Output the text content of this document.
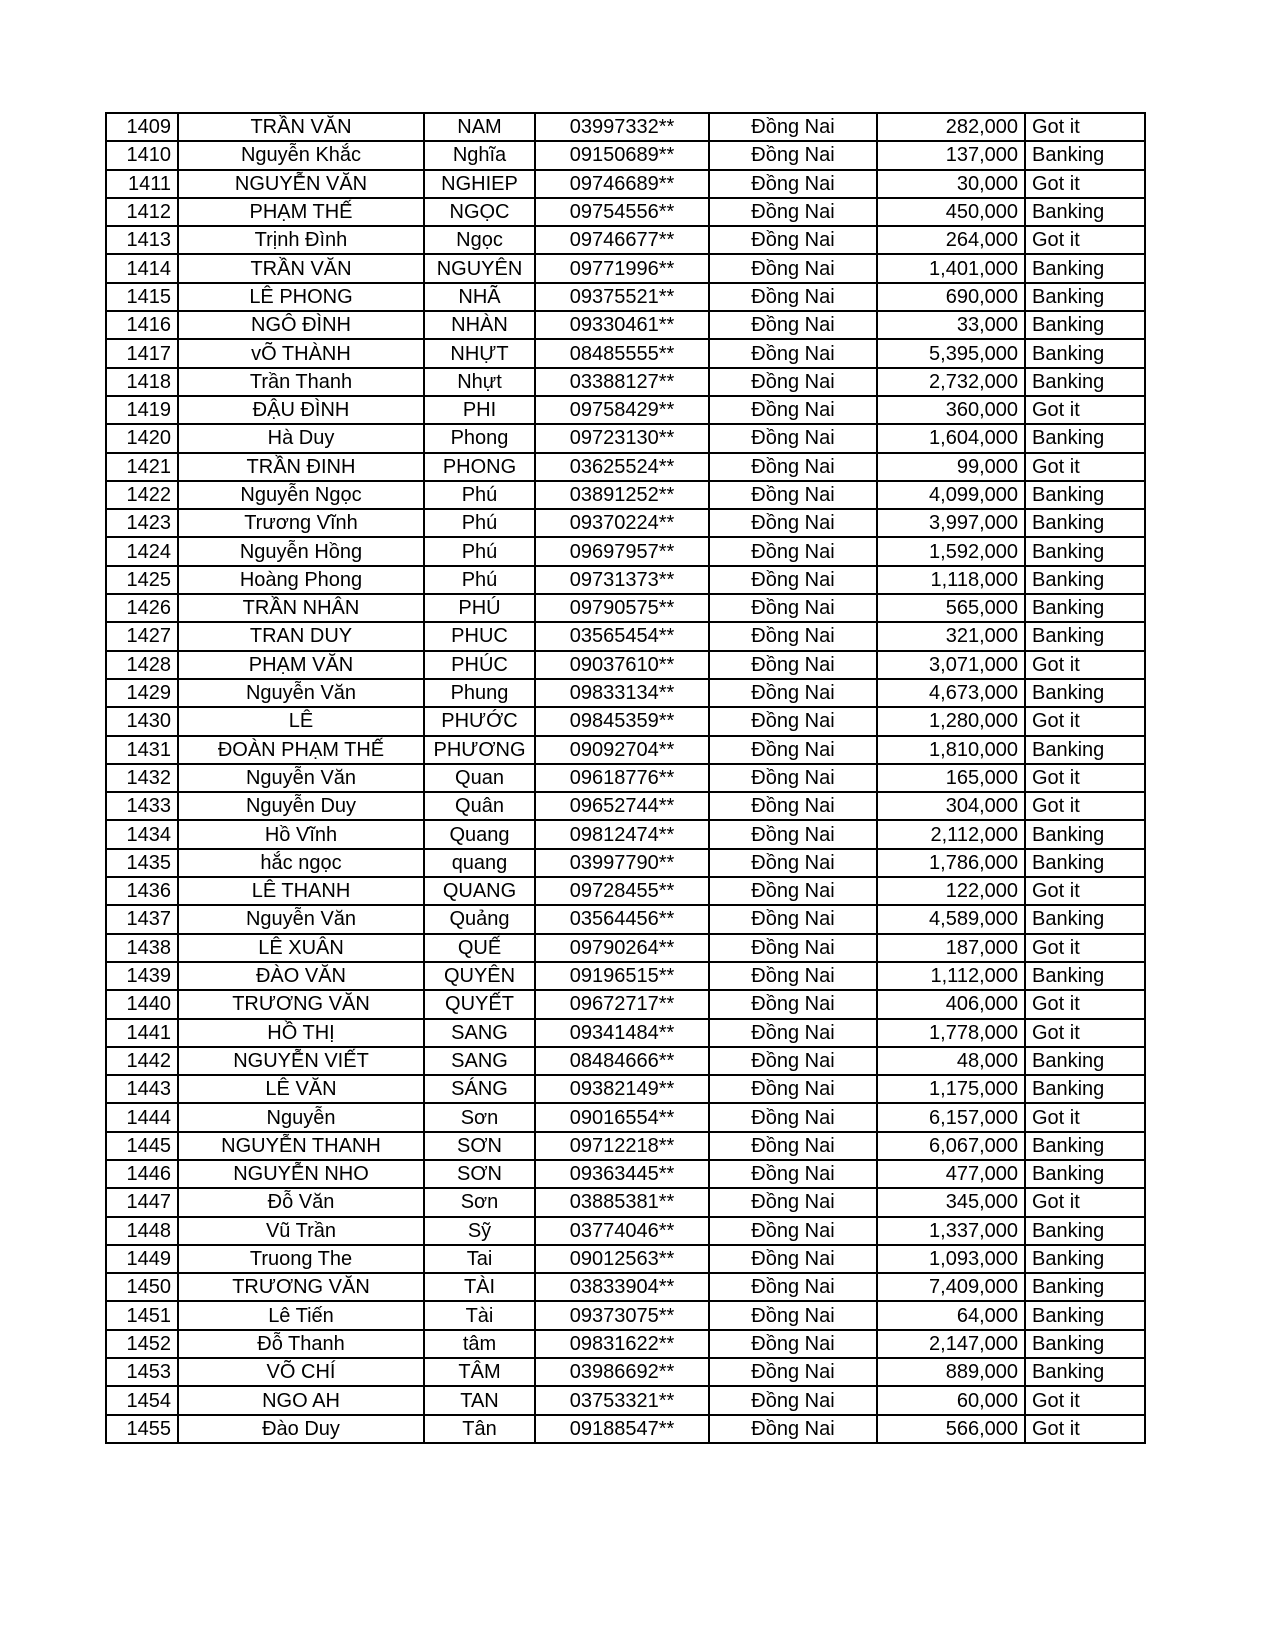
1409	TRẦN VĂN	NAM	03997332**	Đồng Nai	282,000	Got it
1410	Nguyễn Khắc	Nghĩa	09150689**	Đồng Nai	137,000	Banking
1411	NGUYỄN VĂN	NGHIEP	09746689**	Đồng Nai	30,000	Got it
1412	PHẠM THẾ	NGỌC	09754556**	Đồng Nai	450,000	Banking
1413	Trịnh Đình	Ngọc	09746677**	Đồng Nai	264,000	Got it
1414	TRẦN VĂN	NGUYÊN	09771996**	Đồng Nai	1,401,000	Banking
1415	LÊ PHONG	NHÃ	09375521**	Đồng Nai	690,000	Banking
1416	NGÔ ĐÌNH	NHÀN	09330461**	Đồng Nai	33,000	Banking
1417	vÕ THÀNH	NHỰT	08485555**	Đồng Nai	5,395,000	Banking
1418	Trần Thanh	Nhựt	03388127**	Đồng Nai	2,732,000	Banking
1419	ĐẬU ĐÌNH	PHI	09758429**	Đồng Nai	360,000	Got it
1420	Hà Duy	Phong	09723130**	Đồng Nai	1,604,000	Banking
1421	TRẦN ĐINH	PHONG	03625524**	Đồng Nai	99,000	Got it
1422	Nguyễn Ngọc	Phú	03891252**	Đồng Nai	4,099,000	Banking
1423	Trương Vĩnh	Phú	09370224**	Đồng Nai	3,997,000	Banking
1424	Nguyễn Hồng	Phú	09697957**	Đồng Nai	1,592,000	Banking
1425	Hoàng Phong	Phú	09731373**	Đồng Nai	1,118,000	Banking
1426	TRẦN NHÂN	PHÚ	09790575**	Đồng Nai	565,000	Banking
1427	TRAN DUY	PHUC	03565454**	Đồng Nai	321,000	Banking
1428	PHẠM VĂN	PHÚC	09037610**	Đồng Nai	3,071,000	Got it
1429	Nguyễn Văn	Phung	09833134**	Đồng Nai	4,673,000	Banking
1430	LÊ	PHƯỚC	09845359**	Đồng Nai	1,280,000	Got it
1431	ĐOÀN PHẠM THẾ	PHƯƠNG	09092704**	Đồng Nai	1,810,000	Banking
1432	Nguyễn Văn	Quan	09618776**	Đồng Nai	165,000	Got it
1433	Nguyễn Duy	Quân	09652744**	Đồng Nai	304,000	Got it
1434	Hồ Vĩnh	Quang	09812474**	Đồng Nai	2,112,000	Banking
1435	hắc ngọc	quang	03997790**	Đồng Nai	1,786,000	Banking
1436	LÊ THANH	QUANG	09728455**	Đồng Nai	122,000	Got it
1437	Nguyễn Văn	Quảng	03564456**	Đồng Nai	4,589,000	Banking
1438	LÊ XUÂN	QUẾ	09790264**	Đồng Nai	187,000	Got it
1439	ĐÀO VĂN	QUYÊN	09196515**	Đồng Nai	1,112,000	Banking
1440	TRƯƠNG VĂN	QUYẾT	09672717**	Đồng Nai	406,000	Got it
1441	HỒ THỊ	SANG	09341484**	Đồng Nai	1,778,000	Got it
1442	NGUYỄN VIẾT	SANG	08484666**	Đồng Nai	48,000	Banking
1443	LÊ VĂN	SÁNG	09382149**	Đồng Nai	1,175,000	Banking
1444	Nguyễn	Sơn	09016554**	Đồng Nai	6,157,000	Got it
1445	NGUYỄN THANH	SƠN	09712218**	Đồng Nai	6,067,000	Banking
1446	NGUYỄN NHO	SƠN	09363445**	Đồng Nai	477,000	Banking
1447	Đỗ Văn	Sơn	03885381**	Đồng Nai	345,000	Got it
1448	Vũ Trần	Sỹ	03774046**	Đồng Nai	1,337,000	Banking
1449	Truong The	Tai	09012563**	Đồng Nai	1,093,000	Banking
1450	TRƯƠNG VĂN	TÀI	03833904**	Đồng Nai	7,409,000	Banking
1451	Lê Tiến	Tài	09373075**	Đồng Nai	64,000	Banking
1452	Đỗ Thanh	tâm	09831622**	Đồng Nai	2,147,000	Banking
1453	VÕ CHÍ	TÂM	03986692**	Đồng Nai	889,000	Banking
1454	NGO AH	TAN	03753321**	Đồng Nai	60,000	Got it
1455	Đào Duy	Tân	09188547**	Đồng Nai	566,000	Got it
